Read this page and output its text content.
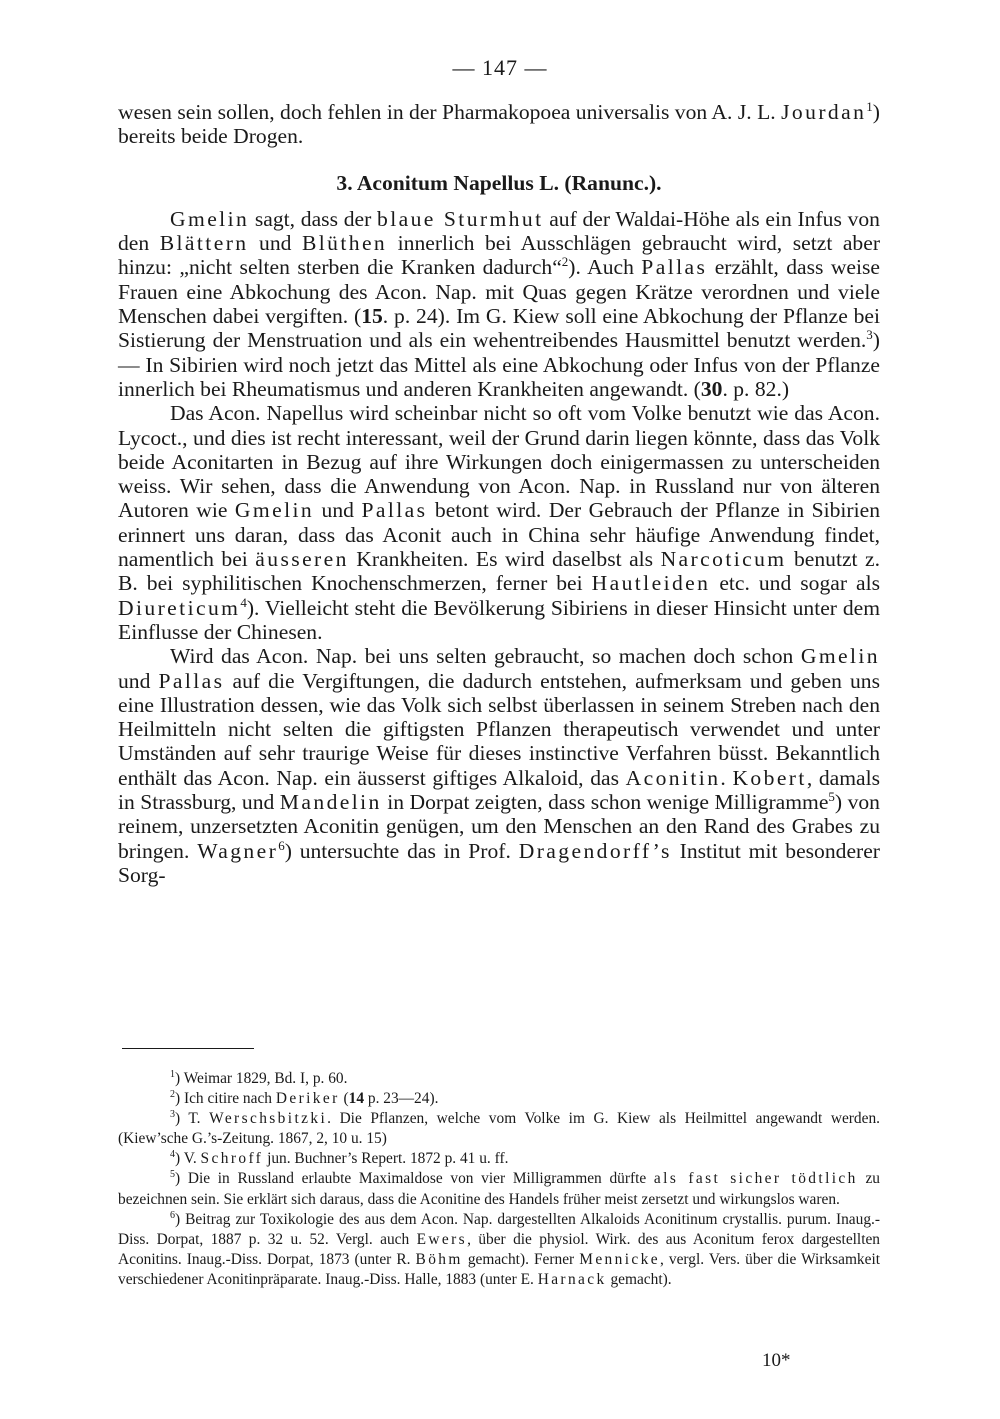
— 147 —

wesen sein sollen, doch fehlen in der Pharmakopoea universalis von A. J. L. Jourdan$^1$) bereits beide Drogen.

3. Aconitum Napellus L. (Ranunc.).

Gmelin sagt, dass der blaue Sturmhut auf der Waldai-Höhe als ein Infus von den Blättern und Blüthen innerlich bei Ausschlägen gebraucht wird, setzt aber hinzu: „nicht selten sterben die Kranken dadurch“$^2$). Auch Pallas erzählt, dass weise Frauen eine Abkochung des Acon. Nap. mit Quas gegen Krätze verordnen und viele Menschen dabei vergiften. (15. p. 24). Im G. Kiew soll eine Abkochung der Pflanze bei Sistierung der Menstruation und als ein wehentreibendes Hausmittel benutzt werden.$^3$) — In Sibirien wird noch jetzt das Mittel als eine Abkochung oder Infus von der Pflanze innerlich bei Rheumatismus und anderen Krankheiten angewandt. (30. p. 82.)

Das Acon. Napellus wird scheinbar nicht so oft vom Volke benutzt wie das Acon. Lycoct., und dies ist recht interessant, weil der Grund darin liegen könnte, dass das Volk beide Aconitarten in Bezug auf ihre Wirkungen doch einigermassen zu unterscheiden weiss. Wir sehen, dass die Anwendung von Acon. Nap. in Russland nur von älteren Autoren wie Gmelin und Pallas betont wird. Der Gebrauch der Pflanze in Sibirien erinnert uns daran, dass das Aconit auch in China sehr häufige Anwendung findet, namentlich bei äusseren Krankheiten. Es wird daselbst als Narcoticum benutzt z. B. bei syphilitischen Knochenschmerzen, ferner bei Hautleiden etc. und sogar als Diureticum$^4$). Vielleicht steht die Bevölkerung Sibiriens in dieser Hinsicht unter dem Einflusse der Chinesen.

Wird das Acon. Nap. bei uns selten gebraucht, so machen doch schon Gmelin und Pallas auf die Vergiftungen, die dadurch entstehen, aufmerksam und geben uns eine Illustration dessen, wie das Volk sich selbst überlassen in seinem Streben nach den Heilmitteln nicht selten die giftigsten Pflanzen therapeutisch verwendet und unter Umständen auf sehr traurige Weise für dieses instinctive Verfahren büsst. Bekanntlich enthält das Acon. Nap. ein äusserst giftiges Alkaloid, das Aconitin. Kobert, damals in Strassburg, und Mandelin in Dorpat zeigten, dass schon wenige Milligramme$^5$) von reinem, unzersetzten Aconitin genügen, um den Menschen an den Rand des Grabes zu bringen. Wagner$^6$) untersuchte das in Prof. Dragendorff’s Institut mit besonderer Sorg-

$^1$) Weimar 1829, Bd. I, p. 60.

$^2$) Ich citire nach Deriker (14 p. 23—24).

$^3$) T. Werschsbitzki. Die Pflanzen, welche vom Volke im G. Kiew als Heilmittel angewandt werden. (Kiew’sche G.’s-Zeitung. 1867, 2, 10 u. 15)

$^4$) V. Schroff jun. Buchner’s Repert. 1872 p. 41 u. ff.

$^5$) Die in Russland erlaubte Maximaldose von vier Milligrammen dürfte als fast sicher tödtlich zu bezeichnen sein. Sie erklärt sich daraus, dass die Aconitine des Handels früher meist zersetzt und wirkungslos waren.

$^6$) Beitrag zur Toxikologie des aus dem Acon. Nap. dargestellten Alkaloids Aconitinum crystallis. purum. Inaug.-Diss. Dorpat, 1887 p. 32 u. 52. Vergl. auch Ewers, über die physiol. Wirk. des aus Aconitum ferox dargestellten Aconitins. Inaug.-Diss. Dorpat, 1873 (unter R. Böhm gemacht). Ferner Mennicke, vergl. Vers. über die Wirksamkeit verschiedener Aconitinpräparate. Inaug.-Diss. Halle, 1883 (unter E. Harnack gemacht).

10*
